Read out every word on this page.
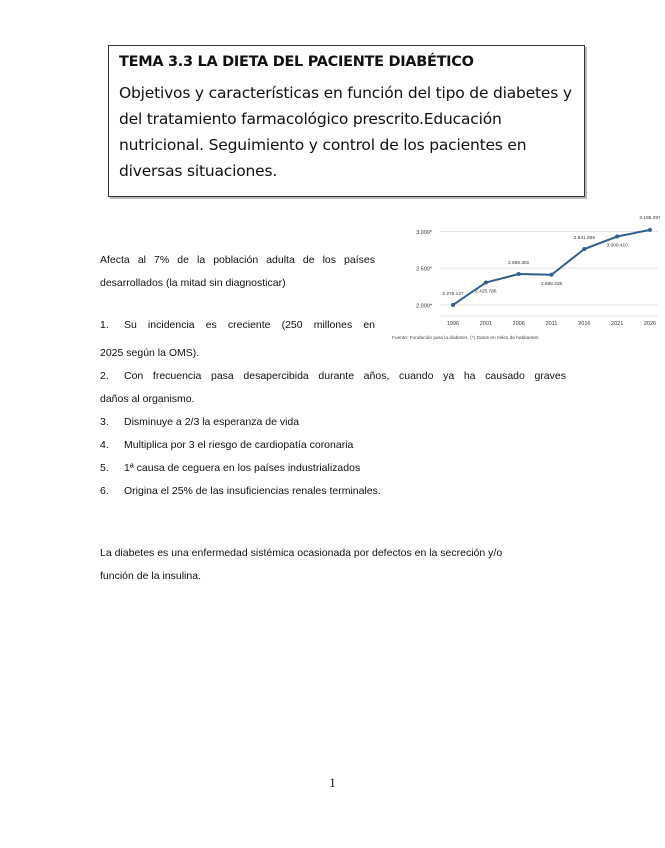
TEMA 3.3 LA DIETA DEL PACIENTE DIABÉTICO
Objetivos y características en función del tipo de diabetes y del tratamiento farmacológico prescrito.Educación nutricional. Seguimiento y control de los pacientes en diversas situaciones.
Afecta al 7% de la población adulta de los países
desarrollados (la mitad sin diagnosticar)
2.000*
2.500*
3.000*
1996	2001	2006	2011	2016	2021	2026
2.276.127 2.425.786
2.566.301
2.588.335
2.841.865
3.000.410
3.186.297
Fuente: Fundación para la diabetes. (*) Datos en miles de habitantes.
1.	Su incidencia es creciente (250 millones en
2025 según la OMS).
2.	Con frecuencia pasa desapercibida durante años, cuando ya ha causado graves
daños al organismo.
3.	Disminuye a 2/3 la esperanza de vida
4.	Multiplica por 3 el riesgo de cardiopatía coronaria
5.	1ª causa de ceguera en los países industrializados
6.	Origina el 25% de las insuficiencias renales terminales.
La diabetes es una enfermedad sistémica ocasionada por defectos en la secreción y/o
función de la insulina.
1
